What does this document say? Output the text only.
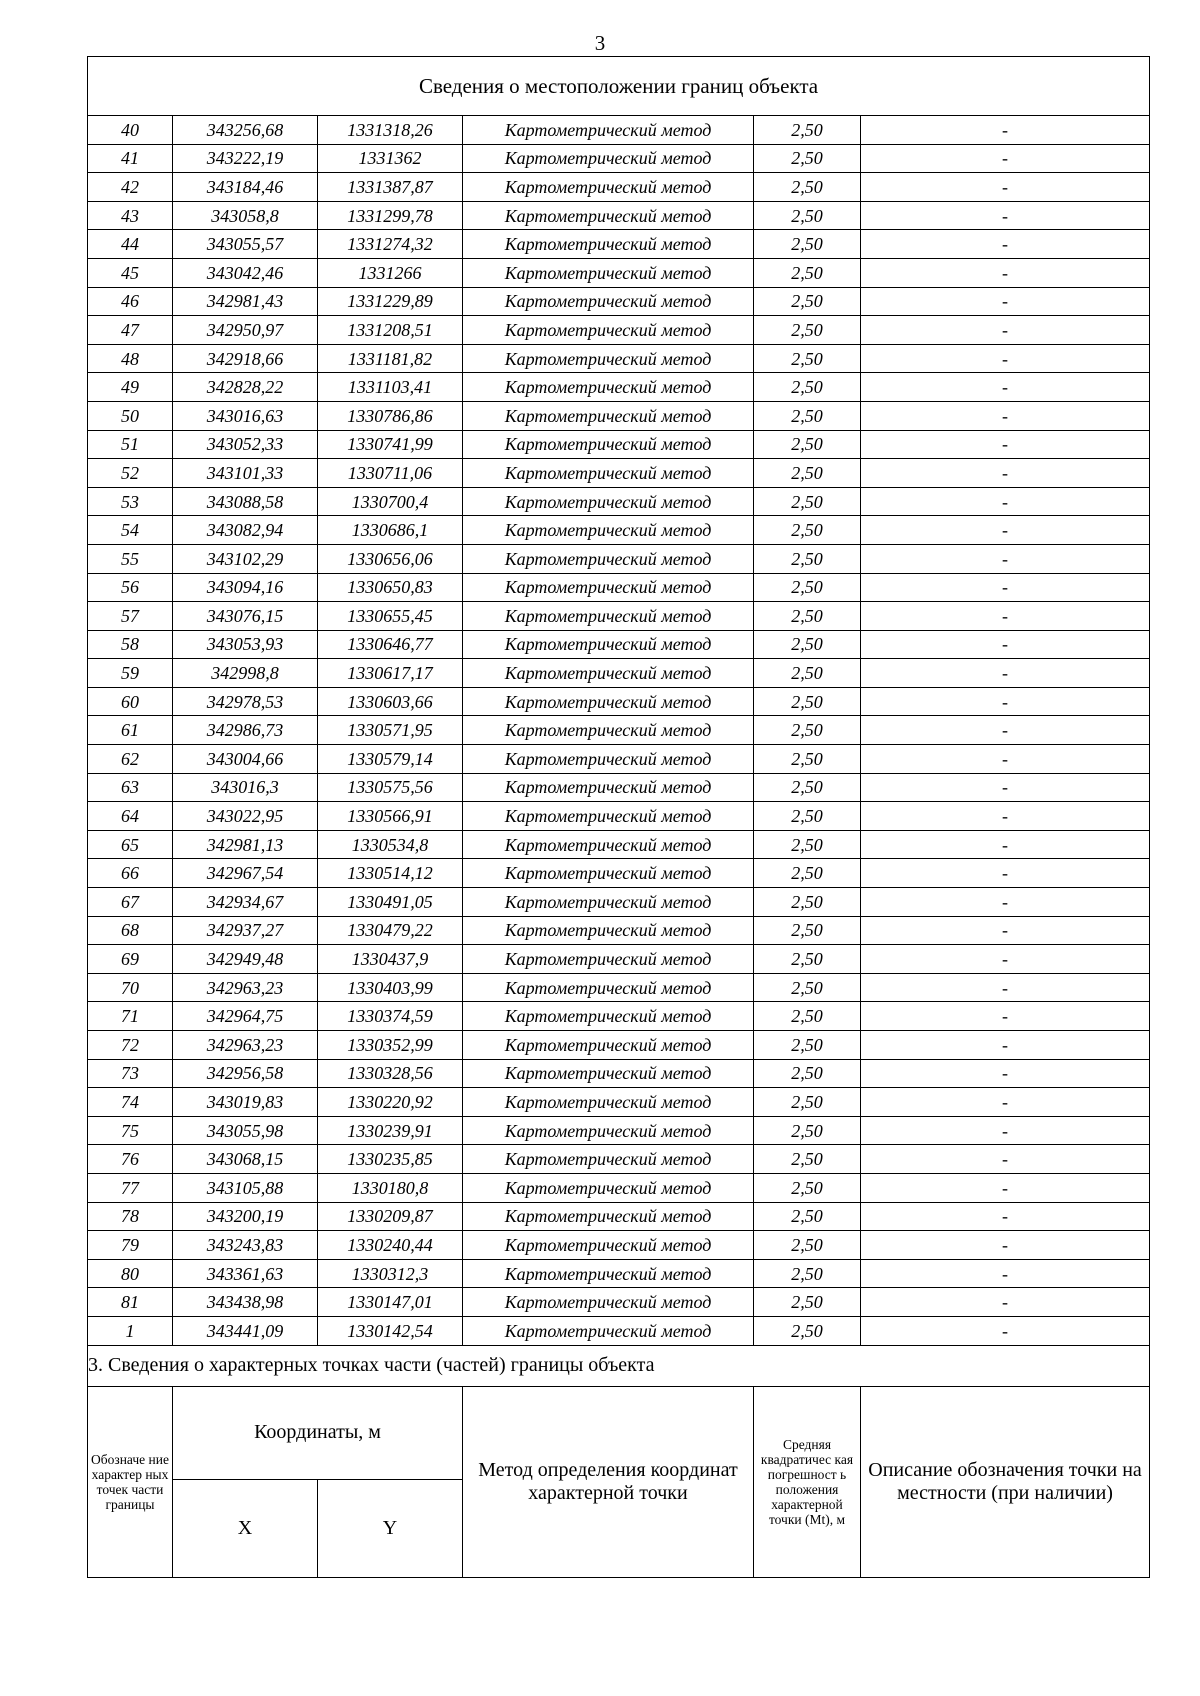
3
Сведения о местоположении границ объекта					
40	343256,68	1331318,26	Картометрический метод	2,50	-
41	343222,19	1331362	Картометрический метод	2,50	-
42	343184,46	1331387,87	Картометрический метод	2,50	-
43	343058,8	1331299,78	Картометрический метод	2,50	-
44	343055,57	1331274,32	Картометрический метод	2,50	-
45	343042,46	1331266	Картометрический метод	2,50	-
46	342981,43	1331229,89	Картометрический метод	2,50	-
47	342950,97	1331208,51	Картометрический метод	2,50	-
48	342918,66	1331181,82	Картометрический метод	2,50	-
49	342828,22	1331103,41	Картометрический метод	2,50	-
50	343016,63	1330786,86	Картометрический метод	2,50	-
51	343052,33	1330741,99	Картометрический метод	2,50	-
52	343101,33	1330711,06	Картометрический метод	2,50	-
53	343088,58	1330700,4	Картометрический метод	2,50	-
54	343082,94	1330686,1	Картометрический метод	2,50	-
55	343102,29	1330656,06	Картометрический метод	2,50	-
56	343094,16	1330650,83	Картометрический метод	2,50	-
57	343076,15	1330655,45	Картометрический метод	2,50	-
58	343053,93	1330646,77	Картометрический метод	2,50	-
59	342998,8	1330617,17	Картометрический метод	2,50	-
60	342978,53	1330603,66	Картометрический метод	2,50	-
61	342986,73	1330571,95	Картометрический метод	2,50	-
62	343004,66	1330579,14	Картометрический метод	2,50	-
63	343016,3	1330575,56	Картометрический метод	2,50	-
64	343022,95	1330566,91	Картометрический метод	2,50	-
65	342981,13	1330534,8	Картометрический метод	2,50	-
66	342967,54	1330514,12	Картометрический метод	2,50	-
67	342934,67	1330491,05	Картометрический метод	2,50	-
68	342937,27	1330479,22	Картометрический метод	2,50	-
69	342949,48	1330437,9	Картометрический метод	2,50	-
70	342963,23	1330403,99	Картометрический метод	2,50	-
71	342964,75	1330374,59	Картометрический метод	2,50	-
72	342963,23	1330352,99	Картометрический метод	2,50	-
73	342956,58	1330328,56	Картометрический метод	2,50	-
74	343019,83	1330220,92	Картометрический метод	2,50	-
75	343055,98	1330239,91	Картометрический метод	2,50	-
76	343068,15	1330235,85	Картометрический метод	2,50	-
77	343105,88	1330180,8	Картометрический метод	2,50	-
78	343200,19	1330209,87	Картометрический метод	2,50	-
79	343243,83	1330240,44	Картометрический метод	2,50	-
80	343361,63	1330312,3	Картометрический метод	2,50	-
81	343438,98	1330147,01	Картометрический метод	2,50	-
1	343441,09	1330142,54	Картометрический метод	2,50	-
3. Сведения о характерных точках части (частей) границы объекта					
Обозначе ние характер ных точек части границы	Координаты, м		Метод определения координат характерной точки	Средняя квадратичес кая погрешност ь положения характерной точки (Mt), м	Описание обозначения точки на местности (при наличии)
	X	Y			
